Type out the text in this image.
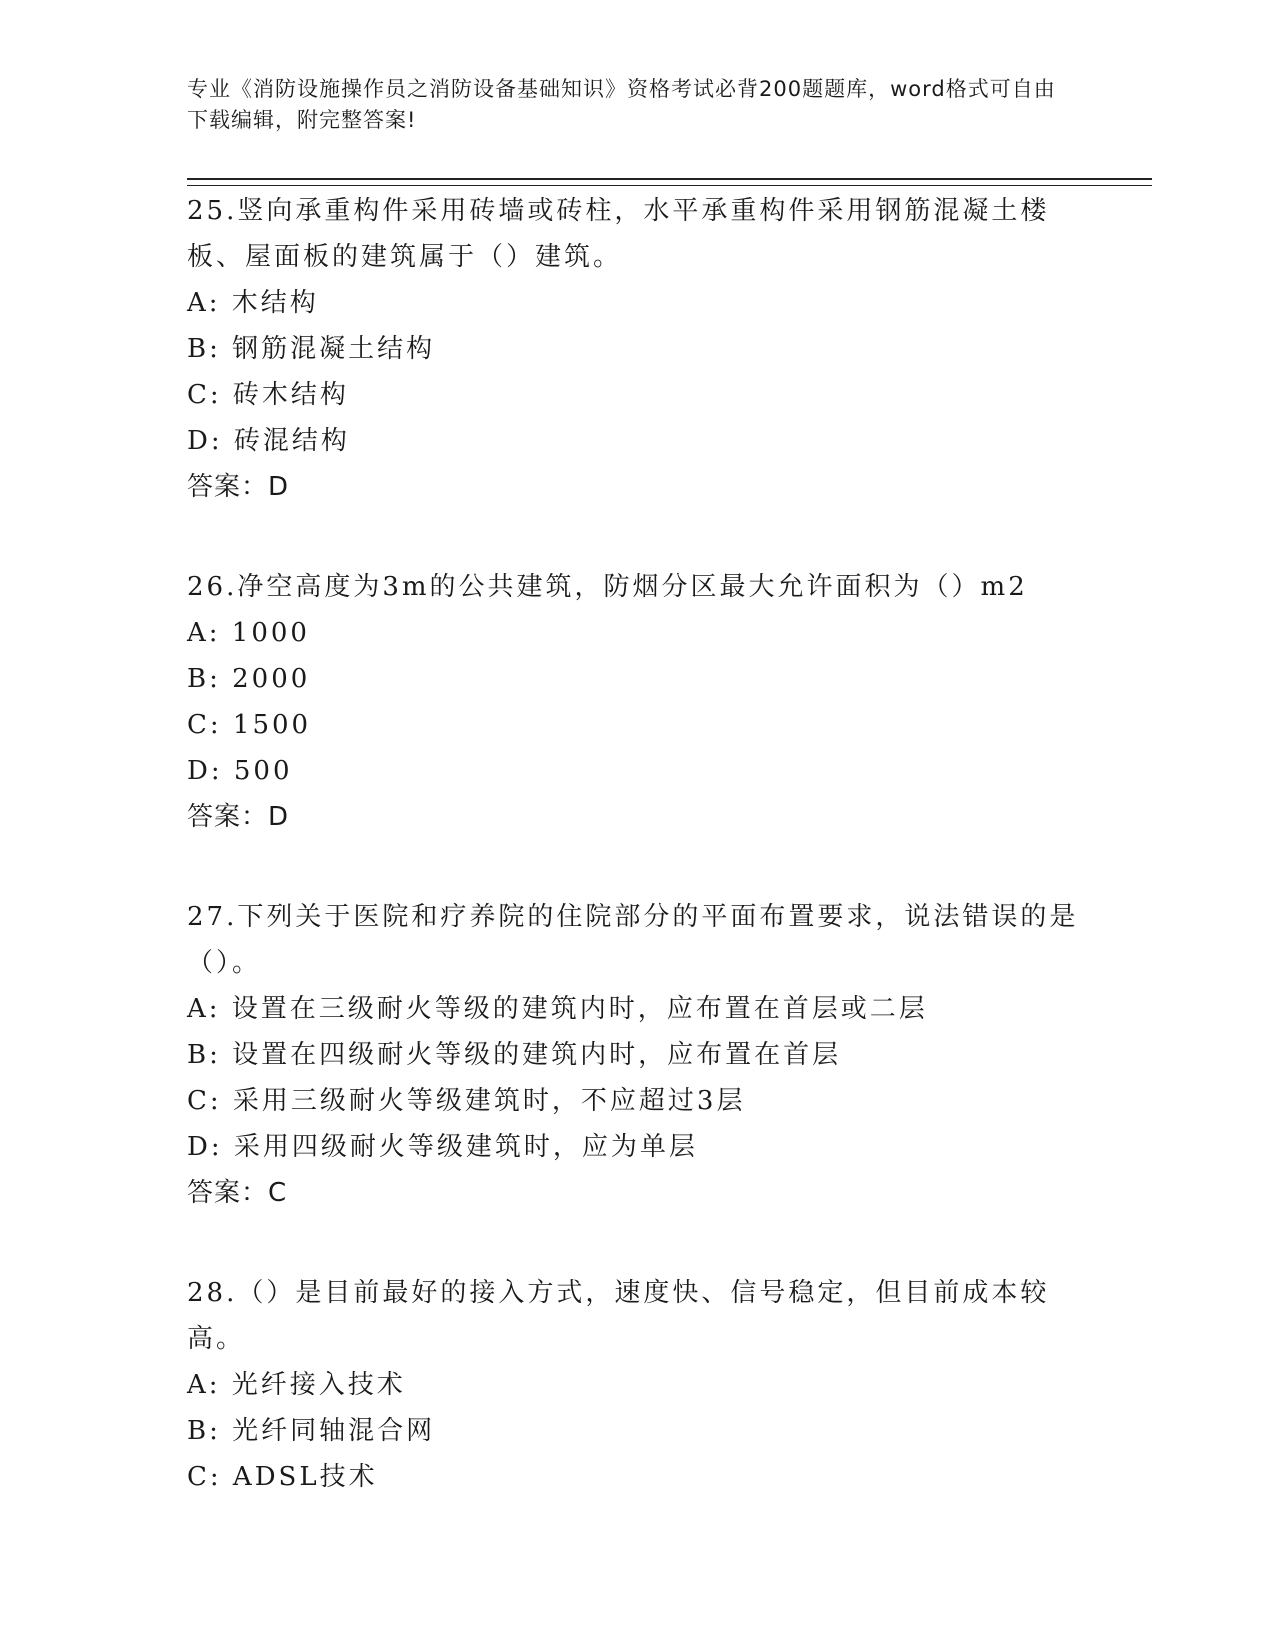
专业《消防设施操作员之消防设备基础知识》资格考试必背200题题库，word格式可自由下载编辑，附完整答案!

25.竖向承重构件采用砖墙或砖柱，水平承重构件采用钢筋混凝土楼板、屋面板的建筑属于（）建筑。

A: 木结构

B: 钢筋混凝土结构

C: 砖木结构

D: 砖混结构

答案：D

26.净空高度为3m的公共建筑，防烟分区最大允许面积为（）m2

A: 1000

B: 2000

C: 1500

D: 500

答案：D

27.下列关于医院和疗养院的住院部分的平面布置要求，说法错误的是（）。

A: 设置在三级耐火等级的建筑内时，应布置在首层或二层

B: 设置在四级耐火等级的建筑内时，应布置在首层

C: 采用三级耐火等级建筑时，不应超过3层

D: 采用四级耐火等级建筑时，应为单层

答案：C

28.（）是目前最好的接入方式，速度快、信号稳定，但目前成本较高。

A: 光纤接入技术

B: 光纤同轴混合网

C: ADSL技术
